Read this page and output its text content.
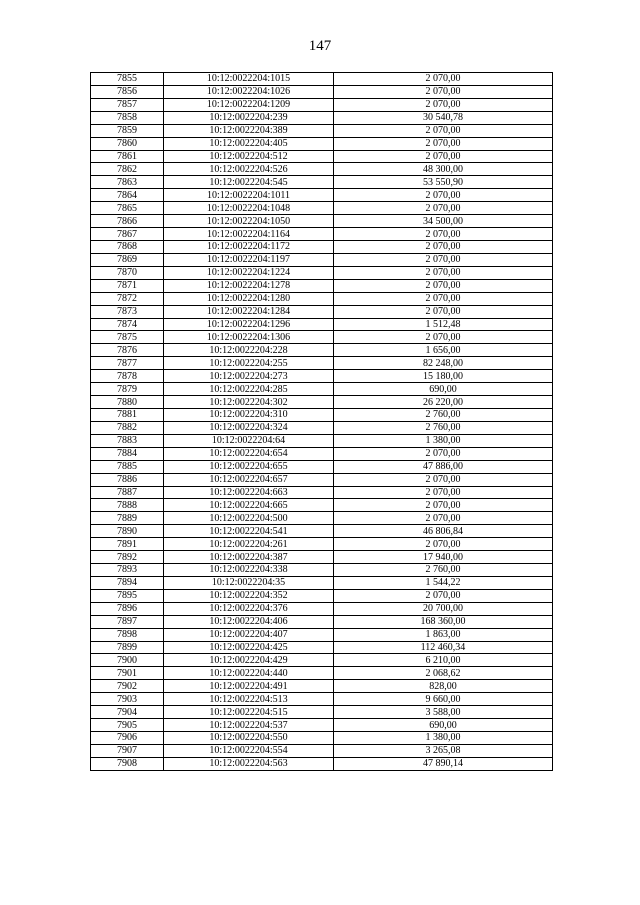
147
7855	10:12:0022204:1015	2 070,00
7856	10:12:0022204:1026	2 070,00
7857	10:12:0022204:1209	2 070,00
7858	10:12:0022204:239	30 540,78
7859	10:12:0022204:389	2 070,00
7860	10:12:0022204:405	2 070,00
7861	10:12:0022204:512	2 070,00
7862	10:12:0022204:526	48 300,00
7863	10:12:0022204:545	53 550,90
7864	10:12:0022204:1011	2 070,00
7865	10:12:0022204:1048	2 070,00
7866	10:12:0022204:1050	34 500,00
7867	10:12:0022204:1164	2 070,00
7868	10:12:0022204:1172	2 070,00
7869	10:12:0022204:1197	2 070,00
7870	10:12:0022204:1224	2 070,00
7871	10:12:0022204:1278	2 070,00
7872	10:12:0022204:1280	2 070,00
7873	10:12:0022204:1284	2 070,00
7874	10:12:0022204:1296	1 512,48
7875	10:12:0022204:1306	2 070,00
7876	10:12:0022204:228	1 656,00
7877	10:12:0022204:255	82 248,00
7878	10:12:0022204:273	15 180,00
7879	10:12:0022204:285	690,00
7880	10:12:0022204:302	26 220,00
7881	10:12:0022204:310	2 760,00
7882	10:12:0022204:324	2 760,00
7883	10:12:0022204:64	1 380,00
7884	10:12:0022204:654	2 070,00
7885	10:12:0022204:655	47 886,00
7886	10:12:0022204:657	2 070,00
7887	10:12:0022204:663	2 070,00
7888	10:12:0022204:665	2 070,00
7889	10:12:0022204:500	2 070,00
7890	10:12:0022204:541	46 806,84
7891	10:12:0022204:261	2 070,00
7892	10:12:0022204:387	17 940,00
7893	10:12:0022204:338	2 760,00
7894	10:12:0022204:35	1 544,22
7895	10:12:0022204:352	2 070,00
7896	10:12:0022204:376	20 700,00
7897	10:12:0022204:406	168 360,00
7898	10:12:0022204:407	1 863,00
7899	10:12:0022204:425	112 460,34
7900	10:12:0022204:429	6 210,00
7901	10:12:0022204:440	2 068,62
7902	10:12:0022204:491	828,00
7903	10:12:0022204:513	9 660,00
7904	10:12:0022204:515	3 588,00
7905	10:12:0022204:537	690,00
7906	10:12:0022204:550	1 380,00
7907	10:12:0022204:554	3 265,08
7908	10:12:0022204:563	47 890,14
